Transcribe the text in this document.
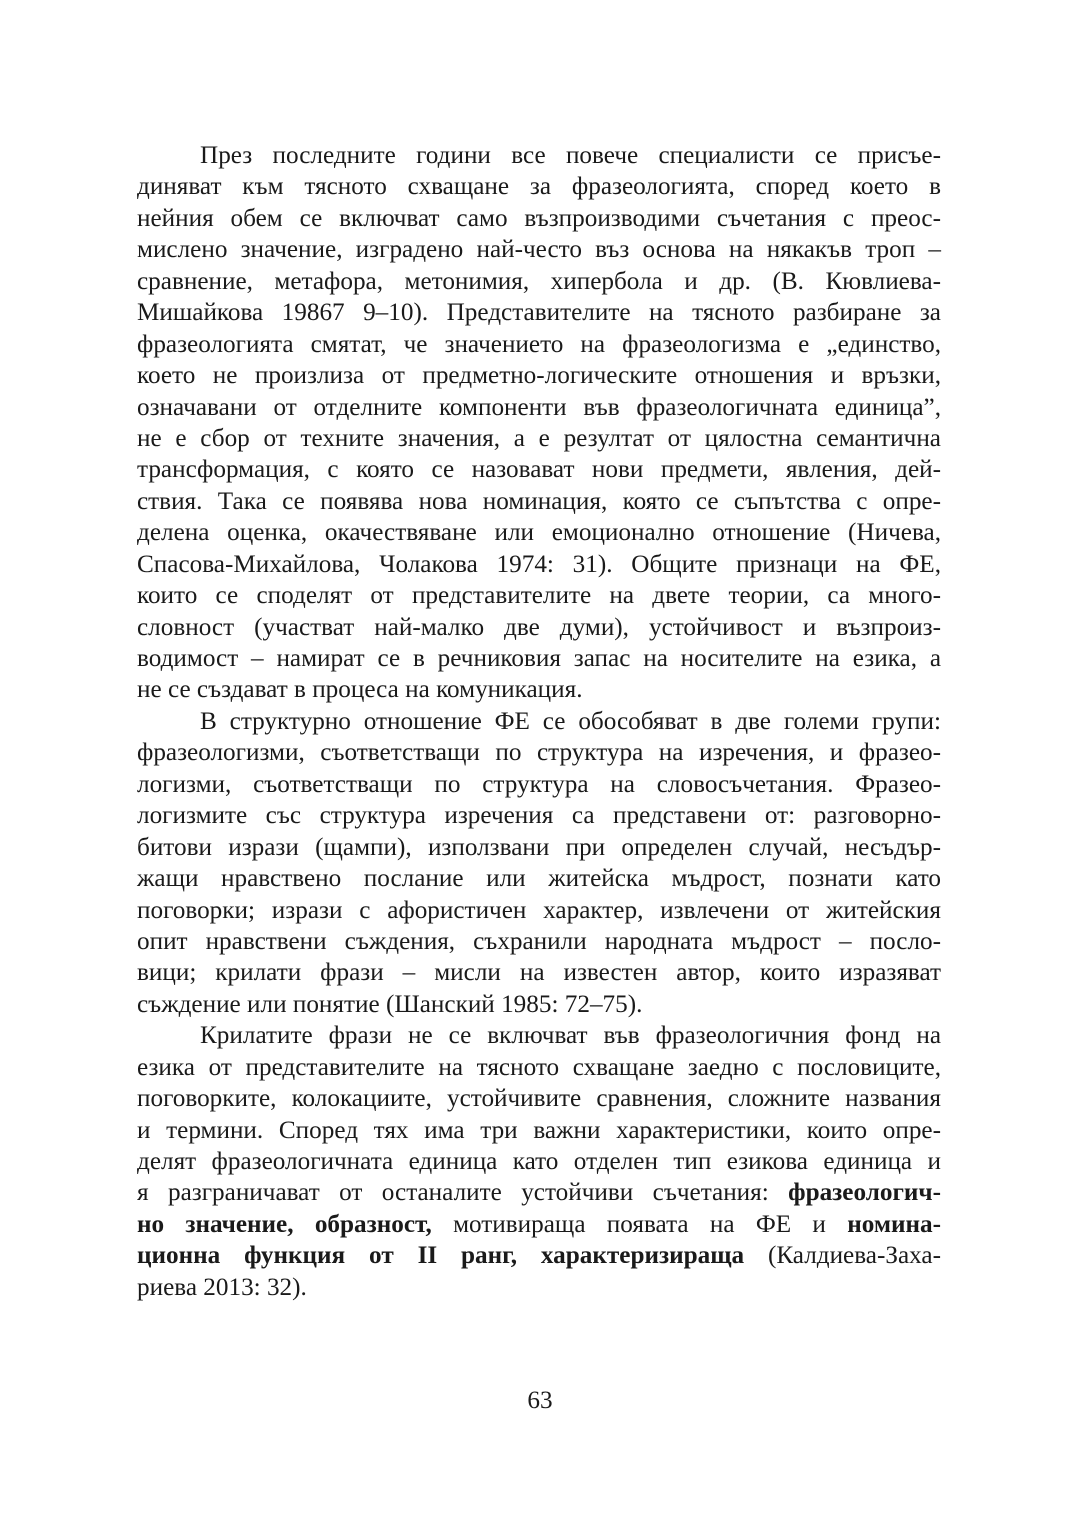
През последните години все повече специалисти се присъе-
диняват към тясното схващане за фразеологията, според което в
нейния обем се включват само възпроизводими съчетания с преос-
мислено значение, изградено най-често въз основа на някакъв троп –
сравнение, метафора, метонимия, хипербола и др. (В. Кювлиева-
Мишайкова 19867 9–10). Представителите на тясното разбиране за
фразеологията смятат, че значението на фразеологизма е „единство,
което не произлиза от предметно-логическите отношения и връзки,
означавани от отделните компоненти във фразеологичната единица”,
не е сбор от техните значения, а е резултат от цялостна семантична
трансформация, с която се назовават нови предмети, явления, дей-
ствия. Така се появява нова номинация, която се съпътства с опре-
делена оценка, окачествяване или емоционално отношение (Ничева,
Спасова-Михайлова, Чолакова 1974: 31). Общите признаци на ФЕ,
които се споделят от представителите на двете теории, са много-
словност (участват най-малко две думи), устойчивост и възпроиз-
водимост – намират се в речниковия запас на носителите на езика, а
не се създават в процеса на комуникация.
В структурно отношение ФЕ се обособяват в две големи групи:
фразеологизми, съответстващи по структура на изречения, и фразео-
логизми, съответстващи по структура на словосъчетания. Фразео-
логизмите със структура изречения са представени от: разговорно-
битови изрази (щампи), използвани при определен случай, несъдър-
жащи нравствено послание или житейска мъдрост, познати като
поговорки; изрази с афористичен характер, извлечени от житейския
опит нравствени съждения, съхранили народната мъдрост – посло-
вици; крилати фрази – мисли на известен автор, които изразяват
съждение или понятие (Шанский 1985: 72–75).
Крилатите фрази не се включват във фразеологичния фонд на
езика от представителите на тясното схващане заедно с пословиците,
поговорките, колокациите, устойчивите сравнения, сложните названия
и термини. Според тях има три важни характеристики, които опре-
делят фразеологичната единица като отделен тип езикова единица и
я разграничават от останалите устойчиви съчетания: фразеологич-
но значение, образност, мотивираща появата на ФЕ и номина-
ционна функция от II ранг, характеризираща (Калдиева-Заха-
риева 2013: 32).
63
